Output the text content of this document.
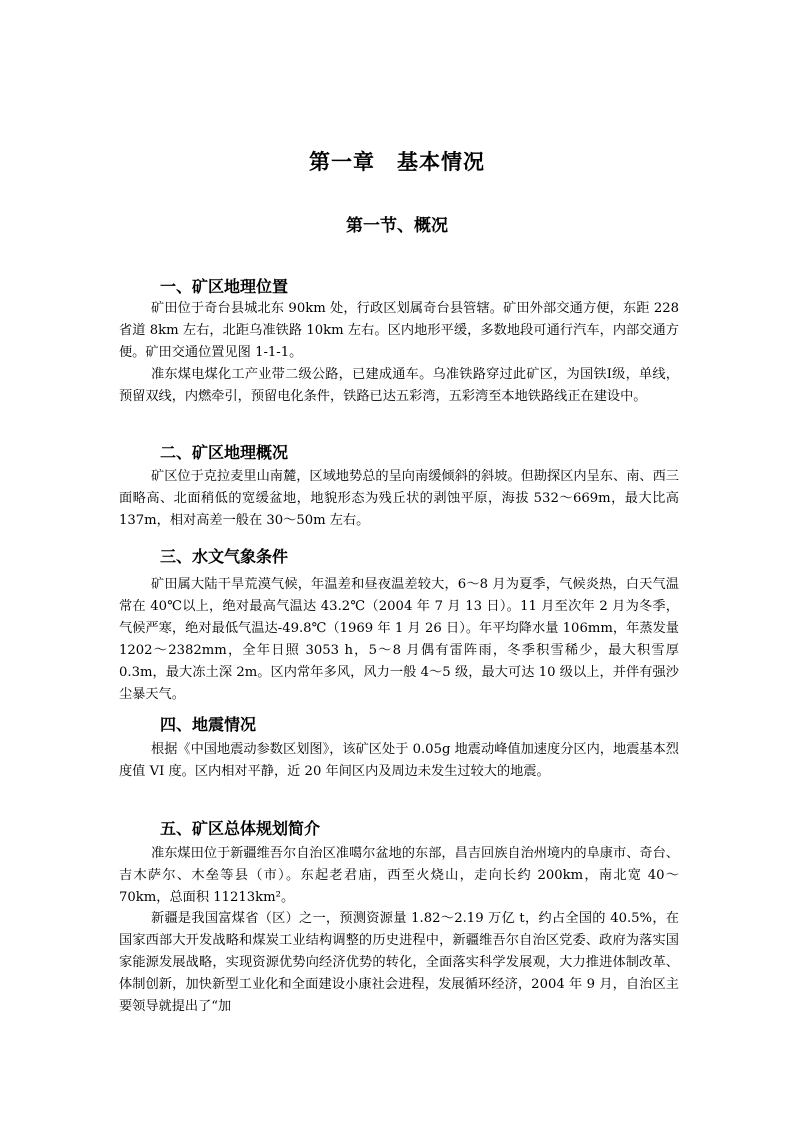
第一章　基本情况
第一节、概况
一、矿区地理位置
矿田位于奇台县城北东 90km 处，行政区划属奇台县管辖。矿田外部交通方便，东距 228 省道 8km 左右，北距乌准铁路 10km 左右。区内地形平缓，多数地段可通行汽车，内部交通方便。矿田交通位置见图 1-1-1。
准东煤电煤化工产业带二级公路，已建成通车。乌准铁路穿过此矿区，为国铁Ⅰ级，单线，预留双线，内燃牵引，预留电化条件，铁路已达五彩湾，五彩湾至本地铁路线正在建设中。
二、矿区地理概况
矿区位于克拉麦里山南麓，区域地势总的呈向南缓倾斜的斜坡。但勘探区内呈东、南、西三面略高、北面稍低的宽缓盆地，地貌形态为残丘状的剥蚀平原，海拔 532～669m，最大比高 137m，相对高差一般在 30～50m 左右。
三、水文气象条件
矿田属大陆干旱荒漠气候，年温差和昼夜温差较大，6～8 月为夏季，气候炎热，白天气温常在 40℃以上，绝对最高气温达 43.2℃（2004 年 7 月 13 日）。11 月至次年 2 月为冬季，气候严寒，绝对最低气温达-49.8℃（1969 年 1 月 26 日）。年平均降水量 106mm，年蒸发量 1202～2382mm，全年日照 3053 h，5～8 月偶有雷阵雨，冬季积雪稀少，最大积雪厚 0.3m，最大冻土深 2m。区内常年多风，风力一般 4～5 级，最大可达 10 级以上，并伴有强沙尘暴天气。
四、地震情况
根据《中国地震动参数区划图》，该矿区处于 0.05g 地震动峰值加速度分区内，地震基本烈度值 VI 度。区内相对平静，近 20 年间区内及周边未发生过较大的地震。
五、矿区总体规划简介
准东煤田位于新疆维吾尔自治区准噶尔盆地的东部，昌吉回族自治州境内的阜康市、奇台、吉木萨尔、木垒等县（市）。东起老君庙，西至火烧山，走向长约 200km，南北宽 40～70km，总面积 11213km²。
新疆是我国富煤省（区）之一，预测资源量 1.82～2.19 万亿 t，约占全国的 40.5%，在国家西部大开发战略和煤炭工业结构调整的历史进程中，新疆维吾尔自治区党委、政府为落实国家能源发展战略，实现资源优势向经济优势的转化，全面落实科学发展观，大力推进体制改革、体制创新，加快新型工业化和全面建设小康社会进程，发展循环经济，2004 年 9 月，自治区主要领导就提出了“加
